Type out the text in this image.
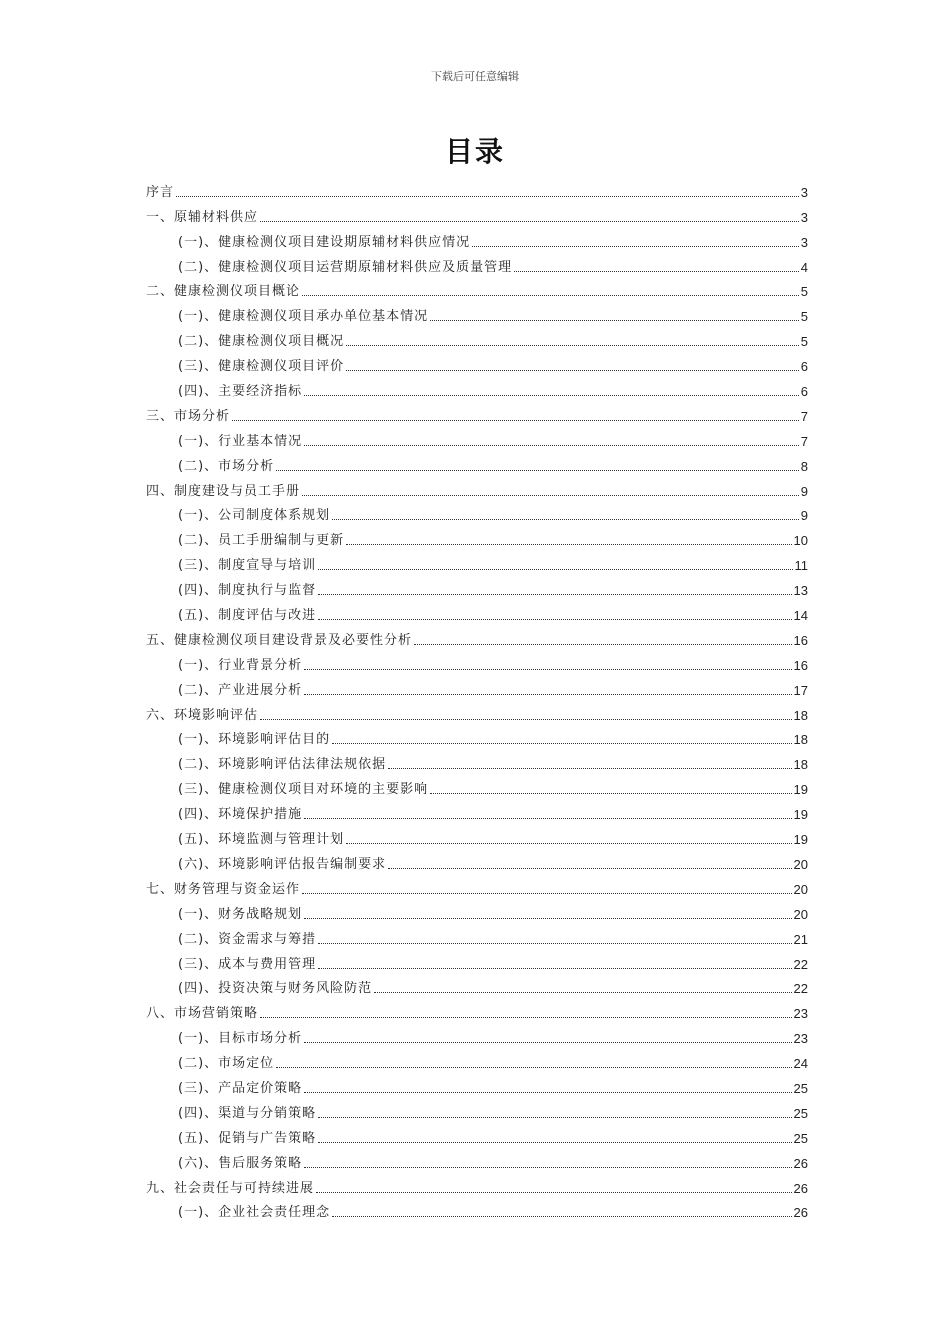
下载后可任意编辑
目录
序言	3
一、原辅材料供应	3
(一)、健康检测仪项目建设期原辅材料供应情况	3
(二)、健康检测仪项目运营期原辅材料供应及质量管理	4
二、健康检测仪项目概论	5
(一)、健康检测仪项目承办单位基本情况	5
(二)、健康检测仪项目概况	5
(三)、健康检测仪项目评价	6
(四)、主要经济指标	6
三、市场分析	7
(一)、行业基本情况	7
(二)、市场分析	8
四、制度建设与员工手册	9
(一)、公司制度体系规划	9
(二)、员工手册编制与更新	10
(三)、制度宣导与培训	11
(四)、制度执行与监督	13
(五)、制度评估与改进	14
五、健康检测仪项目建设背景及必要性分析	16
(一)、行业背景分析	16
(二)、产业进展分析	17
六、环境影响评估	18
(一)、环境影响评估目的	18
(二)、环境影响评估法律法规依据	18
(三)、健康检测仪项目对环境的主要影响	19
(四)、环境保护措施	19
(五)、环境监测与管理计划	19
(六)、环境影响评估报告编制要求	20
七、财务管理与资金运作	20
(一)、财务战略规划	20
(二)、资金需求与筹措	21
(三)、成本与费用管理	22
(四)、投资决策与财务风险防范	22
八、市场营销策略	23
(一)、目标市场分析	23
(二)、市场定位	24
(三)、产品定价策略	25
(四)、渠道与分销策略	25
(五)、促销与广告策略	25
(六)、售后服务策略	26
九、社会责任与可持续进展	26
(一)、企业社会责任理念	26
